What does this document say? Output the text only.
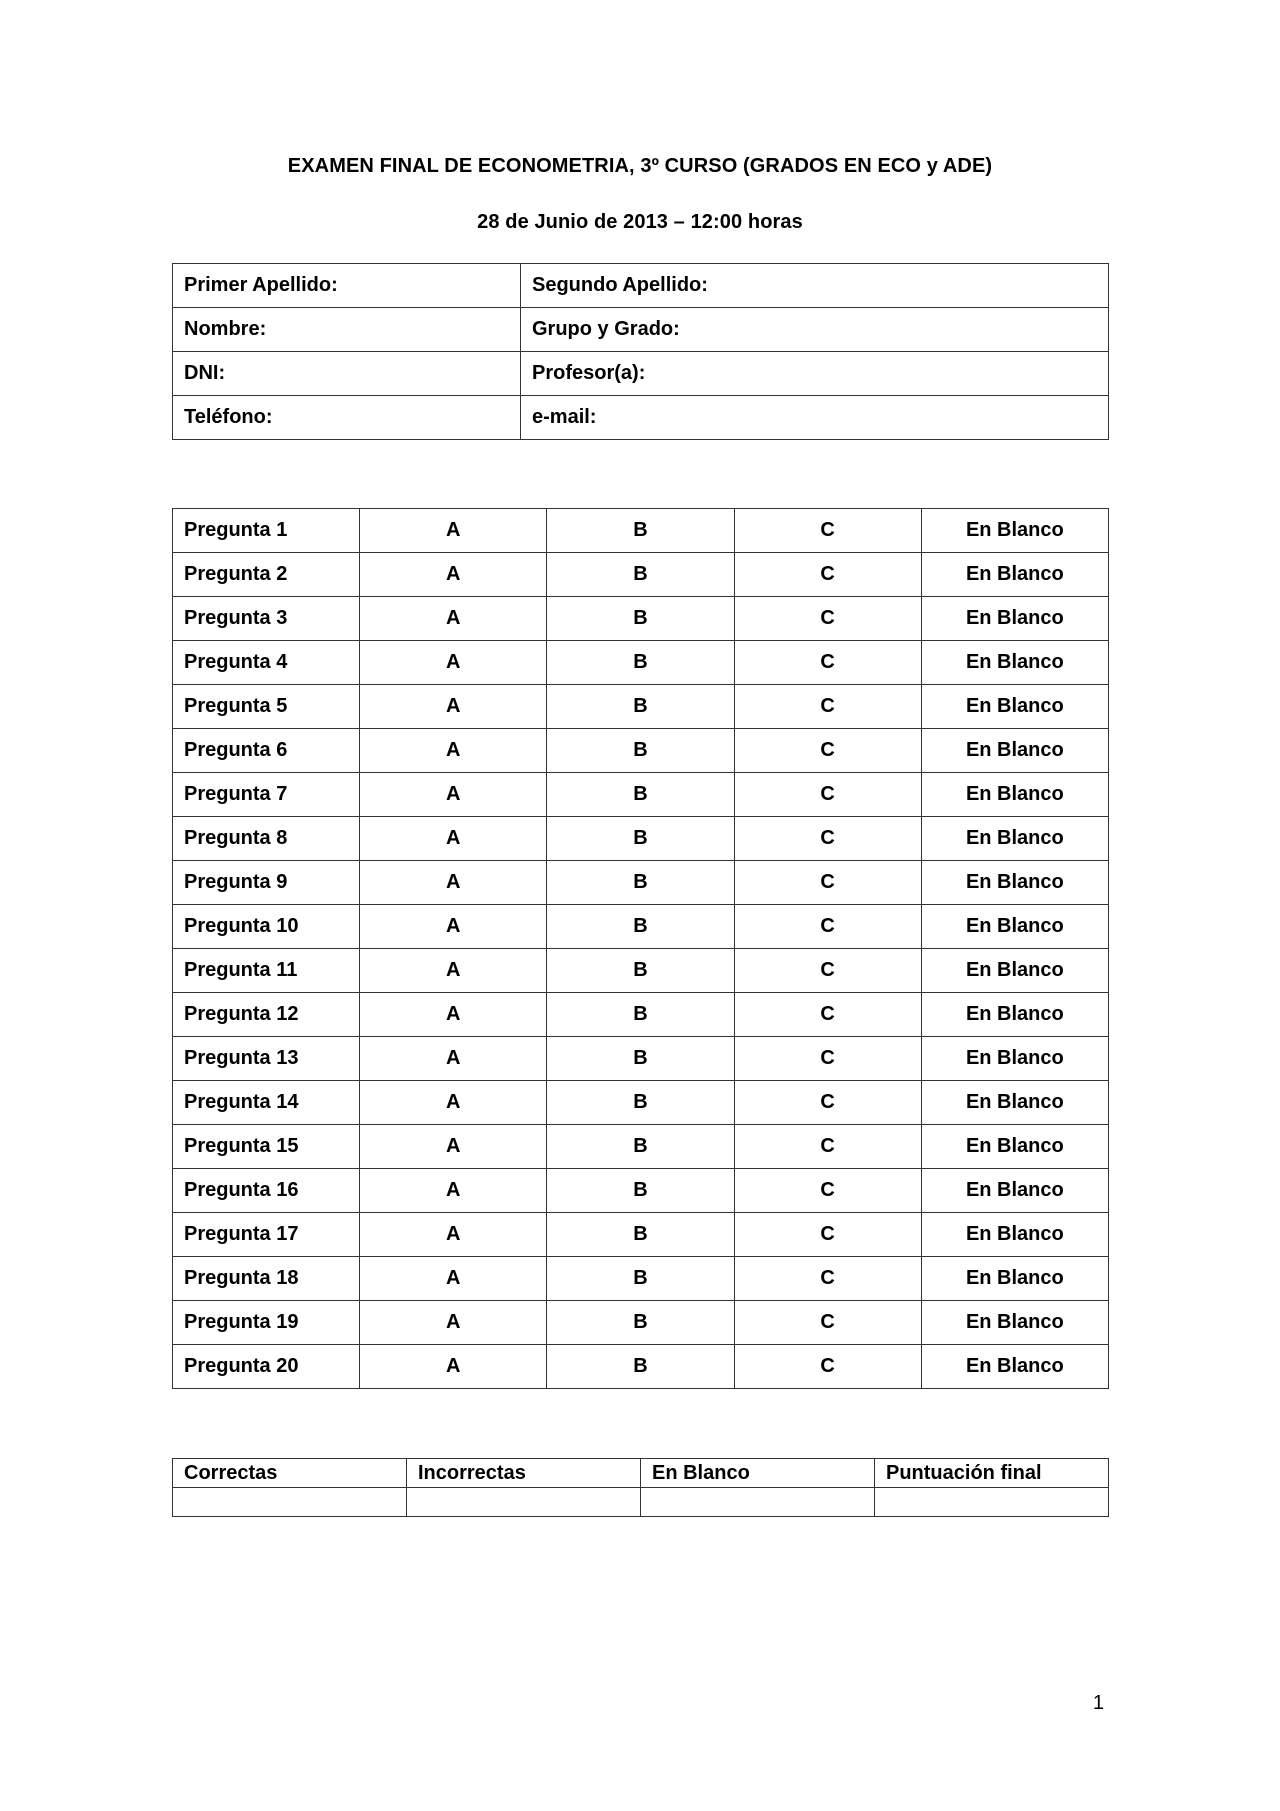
EXAMEN FINAL DE ECONOMETRIA, 3º CURSO (GRADOS EN ECO y ADE)
28 de Junio de 2013 – 12:00 horas
Primer Apellido:	Segundo Apellido:
Nombre:	Grupo y Grado:
DNI:	Profesor(a):
Teléfono:	e-mail:
Pregunta 1	A	B	C	En Blanco
Pregunta 2	A	B	C	En Blanco
Pregunta 3	A	B	C	En Blanco
Pregunta 4	A	B	C	En Blanco
Pregunta 5	A	B	C	En Blanco
Pregunta 6	A	B	C	En Blanco
Pregunta 7	A	B	C	En Blanco
Pregunta 8	A	B	C	En Blanco
Pregunta 9	A	B	C	En Blanco
Pregunta 10	A	B	C	En Blanco
Pregunta 11	A	B	C	En Blanco
Pregunta 12	A	B	C	En Blanco
Pregunta 13	A	B	C	En Blanco
Pregunta 14	A	B	C	En Blanco
Pregunta 15	A	B	C	En Blanco
Pregunta 16	A	B	C	En Blanco
Pregunta 17	A	B	C	En Blanco
Pregunta 18	A	B	C	En Blanco
Pregunta 19	A	B	C	En Blanco
Pregunta 20	A	B	C	En Blanco
Correctas	Incorrectas	En Blanco	Puntuación final

1
